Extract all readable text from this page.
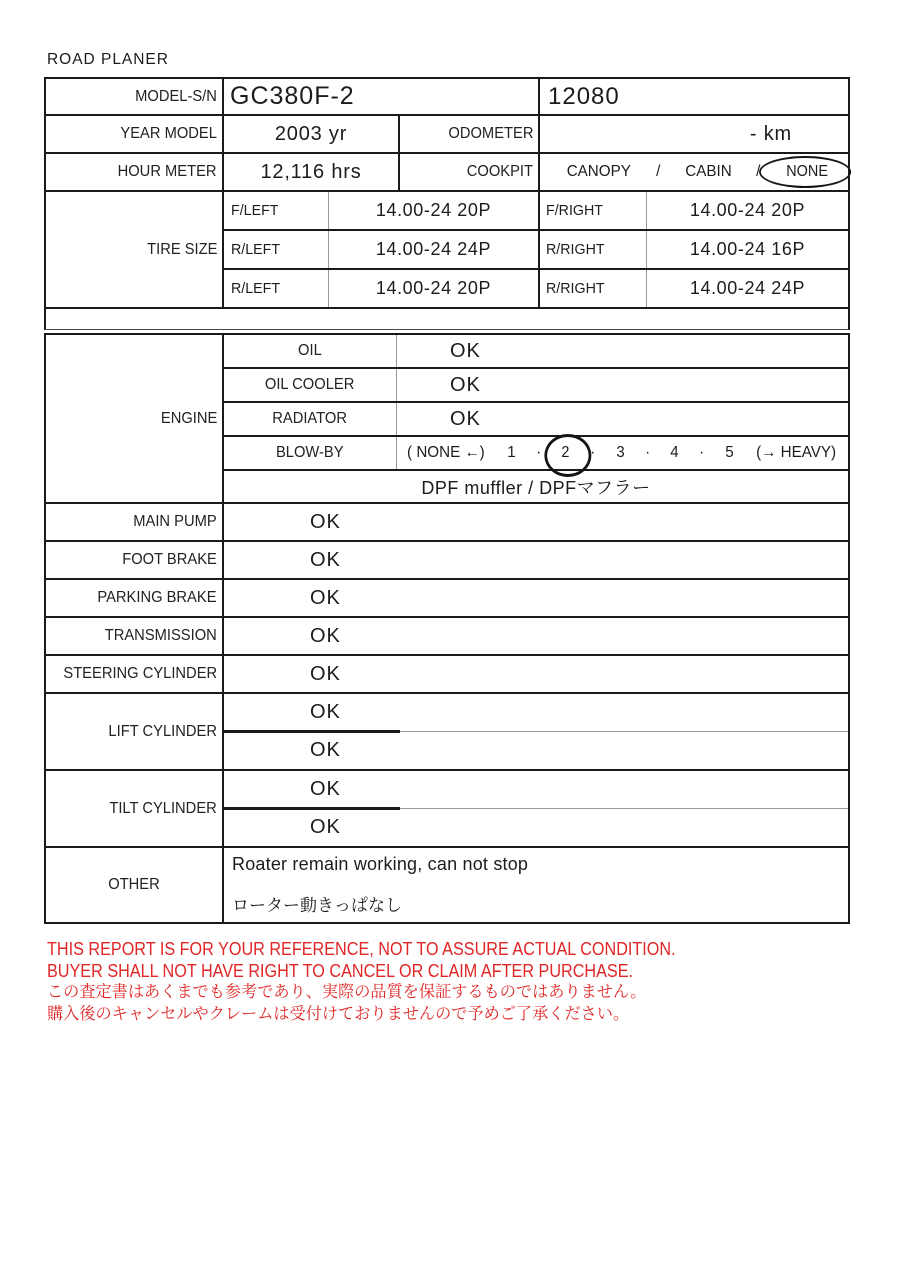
ROAD PLANER
MODEL-S/N GC380F-2	12080
YEAR MODEL	2003 yr	ODOMETER	- km
HOUR METER	12,116 hrs	COOKPIT CANOPY / CABIN / NONE
TIRE SIZE
F/LEFT	14.00-24 20P	F/RIGHT	14.00-24 20P
R/LEFT	14.00-24 24P	R/RIGHT	14.00-24 16P
R/LEFT	14.00-24 20P	R/RIGHT	14.00-24 24P
ENGINE
OIL	OK
OIL COOLER	OK
RADIATOR	OK
BLOW-BY	( NONE ←) 1 · 2 · 3 · 4 · 5 (→ HEAVY)
DPF muffler / DPFマフラー
MAIN PUMP	OK
FOOT BRAKE	OK
PARKING BRAKE	OK
TRANSMISSION	OK
STEERING CYLINDER	OK
LIFT CYLINDER
OK
OK
TILT CYLINDER
OK
OK
OTHER
Roater remain working, can not stop
ローター動きっぱなし
THIS REPORT IS FOR YOUR REFERENCE, NOT TO ASSURE ACTUAL CONDITION.
BUYER SHALL NOT HAVE RIGHT TO CANCEL OR CLAIM AFTER PURCHASE.
この査定書はあくまでも参考であり、実際の品質を保証するものではありません。
購入後のキャンセルやクレームは受付けておりませんので予めご了承ください。
